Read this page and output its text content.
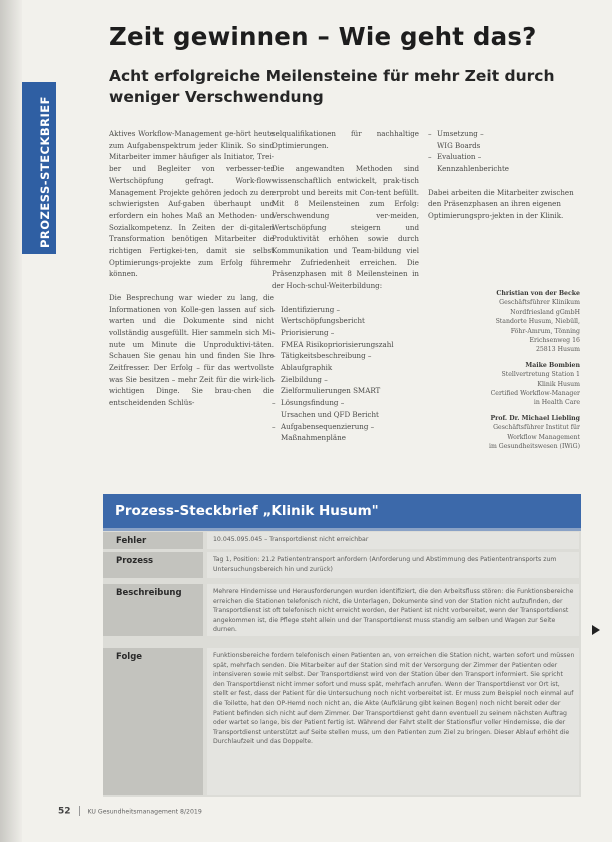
PROZESS-STECKBRIEF
Zeit gewinnen – Wie geht das?
Acht erfolgreiche Meilensteine für mehr Zeit durch weniger Verschwendung

Aktives Workflow-Management ge-hört heute zum Aufgabenspektrum jeder Klinik. So sind Mitarbeiter immer häufiger als Initiator, Trei-ber und Begleiter von verbesser-ter Wertschöpfung gefragt. Work-flow-Management Projekte gehören jedoch zu den schwierigsten Auf-gaben überhaupt und erfordern ein hohes Maß an Methoden- und Sozialkompetenz. In Zeiten der di-gitalen Transformation benötigen Mitarbeiter die richtigen Fertigkei-ten, damit sie selbst Optimierungs-projekte zum Erfolg führen können.

Die Besprechung war wieder zu lang, die Informationen von Kolle-gen lassen auf sich warten und die Dokumente sind nicht vollständig ausgefüllt. Hier sammeln sich Mi-nute um Minute die Unproduktivi-täten. Schauen Sie genau hin und finden Sie Ihre Zeitfresser. Der Erfolg – für das wertvollste was Sie besitzen – mehr Zeit für die wirk-lich wichtigen Dinge. Sie brau-chen die entscheidenden Schlüs-

selqualifikationen für nachhaltige Optimierungen.

Die angewandten Methoden sind wissenschaftlich entwickelt, prak-tisch erprobt und bereits mit Con-tent befüllt. Mit 8 Meilensteinen zum Erfolg: Verschwendung ver-meiden, Wertschöpfung steigern und Produktivität erhöhen sowie durch Kommunikation und Team-bildung viel mehr Zufriedenheit erreichen. Die Präsenzphasen mit 8 Meilensteinen in der Hoch-schul-Weiterbildung:

– Identifizierung –
Wertschöpfungsbericht
– Priorisierung –
FMEA Risikopriorisierungszahl
– Tätigkeitsbeschreibung –
Ablaufgraphik
– Zielbildung –
Zielformulierungen SMART
– Lösungsfindung –
Ursachen und QFD Bericht
– Aufgabensequenzierung –
Maßnahmenpläne
– Umsetzung –
WIG Boards
– Evaluation –
Kennzahlenberichte

Dabei arbeiten die Mitarbeiter zwischen den Präsenzphasen an ihren eigenen Optimierungspro-jekten in der Klinik.

Christian von der Becke
Geschäftsführer Klinikum
Nordfriesland gGmbH
Standorte Husum, Niebüll,
Föhr-Amrum, Tönning
Erichsenweg 16
25813 Husum
Maike Bombien
Stellvertretung Station 1
Klinik Husum
Certified Workflow-Manager
in Health Care
Prof. Dr. Michael Liebling
Geschäftsführer Institut für
Workflow Management
im Gesundheitswesen (IWiG)
Prozess-Steckbrief „Klinik Husum"
Fehler	10.045.095.045 – Transportdienst nicht erreichbar
Prozess	Tag 1, Position: 21.2 Patiententransport anfordern (Anforderung und Abstimmung des Patiententransports zum Untersuchungsbereich hin und zurück)
Beschreibung	Mehrere Hindernisse und Herausforderungen wurden identifiziert, die den Arbeitsfluss stören: die Funktionsbereiche erreichen die Stationen telefonisch nicht, die Unterlagen, Dokumente sind von der Station nicht aufzufinden, der Transportdienst ist oft telefonisch nicht erreicht worden, der Patient ist nicht vorbereitet, wenn der Transportdienst angekommen ist, die Pflege steht allein und der Transportdienst muss standig am selben und Wagen zur Seite durnen.
Folge	Funktionsbereiche fordern telefonisch einen Patienten an, von erreichen die Station nicht, warten sofort und müssen spät, mehrfach senden. Die Mitarbeiter auf der Station sind mit der Versorgung der Zimmer der Patienten oder intensiveren sowie mit selbst. Der Transportdienst wird von der Station über den Transport informiert. Sie spricht den Transportdienst nicht immer sofort und muss spät, mehrfach anrufen. Wenn der Transportdienst vor Ort ist, stellt er fest, dass der Patient für die Untersuchung noch nicht vorbereitet ist. Er muss zum Beispiel noch einmal auf die Toilette, hat den OP-Hemd noch nicht an, die Akte (Aufklärung gibt keinen Bogen) noch nicht bereit oder der Patient befinden sich nicht auf dem Zimmer. Der Transportdienst geht dann eventuell zu seinem nächsten Auftrag oder wartet so lange, bis der Patient fertig ist. Während der Fahrt stellt der Stationsflur voller Hindernisse, die der Transportdienst unterstützt auf Seite stellen muss, um den Patienten zum Ziel zu bringen. Dieser Ablauf erhöht die Durchlaufzeit und das Doppelte.
52	KU Gesundheitsmanagement 8/2019
